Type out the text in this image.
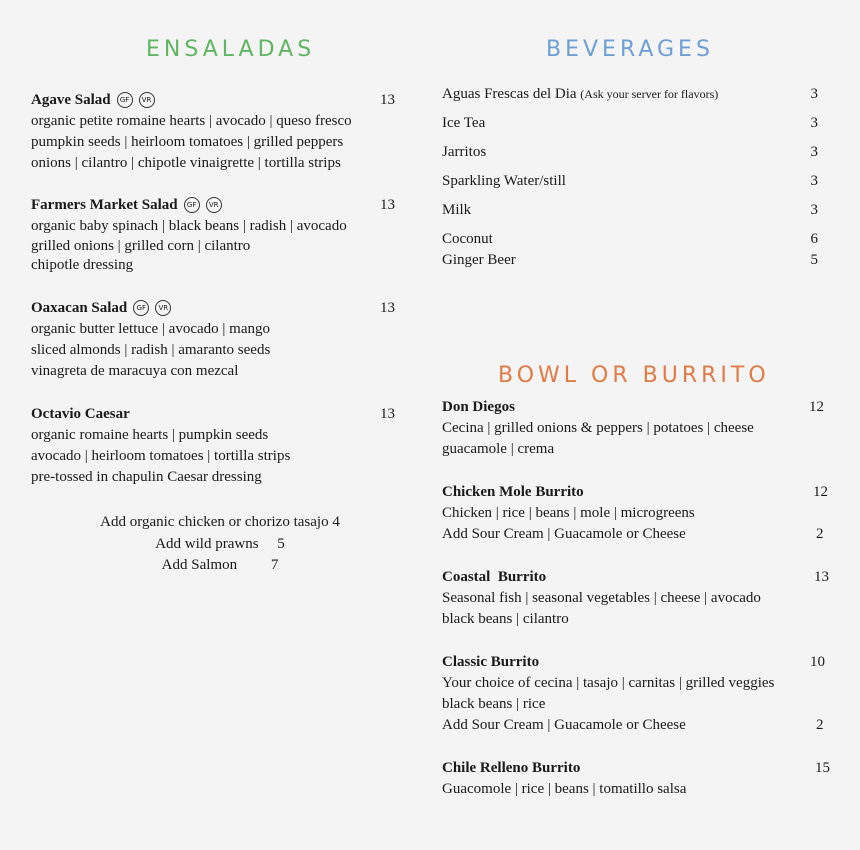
ENSALADAS	BEVERAGES
BOWL OR BURRITO
Agave Salad GF VR	13
organic petite romaine hearts | avocado | queso fresco
pumpkin seeds | heirloom tomatoes | grilled peppers
onions | cilantro | chipotle vinaigrette | tortilla strips
Farmers Market Salad GF VR	13
organic baby spinach | black beans | radish | avocado
grilled onions | grilled corn | cilantro
chipotle dressing
Oaxacan Salad GF VR	13
organic butter lettuce | avocado | mango
sliced almonds | radish | amaranto seeds
vinagreta de maracuya con mezcal
Octavio Caesar	13
organic romaine hearts | pumpkin seeds
avocado | heirloom tomatoes | tortilla strips
pre-tossed in chapulin Caesar dressing
Add organic chicken or chorizo tasajo 4
Add wild prawns     5
Add Salmon         7
Aguas Frescas del Dia (Ask your server for flavors)	3
Ice Tea	3
Jarritos	3
Sparkling Water/still	3
Milk	3
Coconut	6
Ginger Beer	5
Don Diegos	12
Cecina | grilled onions & peppers | potatoes | cheese
guacamole | crema
Chicken Mole Burrito	12
Chicken | rice | beans | mole | microgreens
Add Sour Cream | Guacamole or Cheese	2
Coastal  Burrito	13
Seasonal fish | seasonal vegetables | cheese | avocado
black beans | cilantro
Classic Burrito	10
Your choice of cecina | tasajo | carnitas | grilled veggies
black beans | rice
Add Sour Cream | Guacamole or Cheese	2
Chile Relleno Burrito	15
Guacomole | rice | beans | tomatillo salsa
